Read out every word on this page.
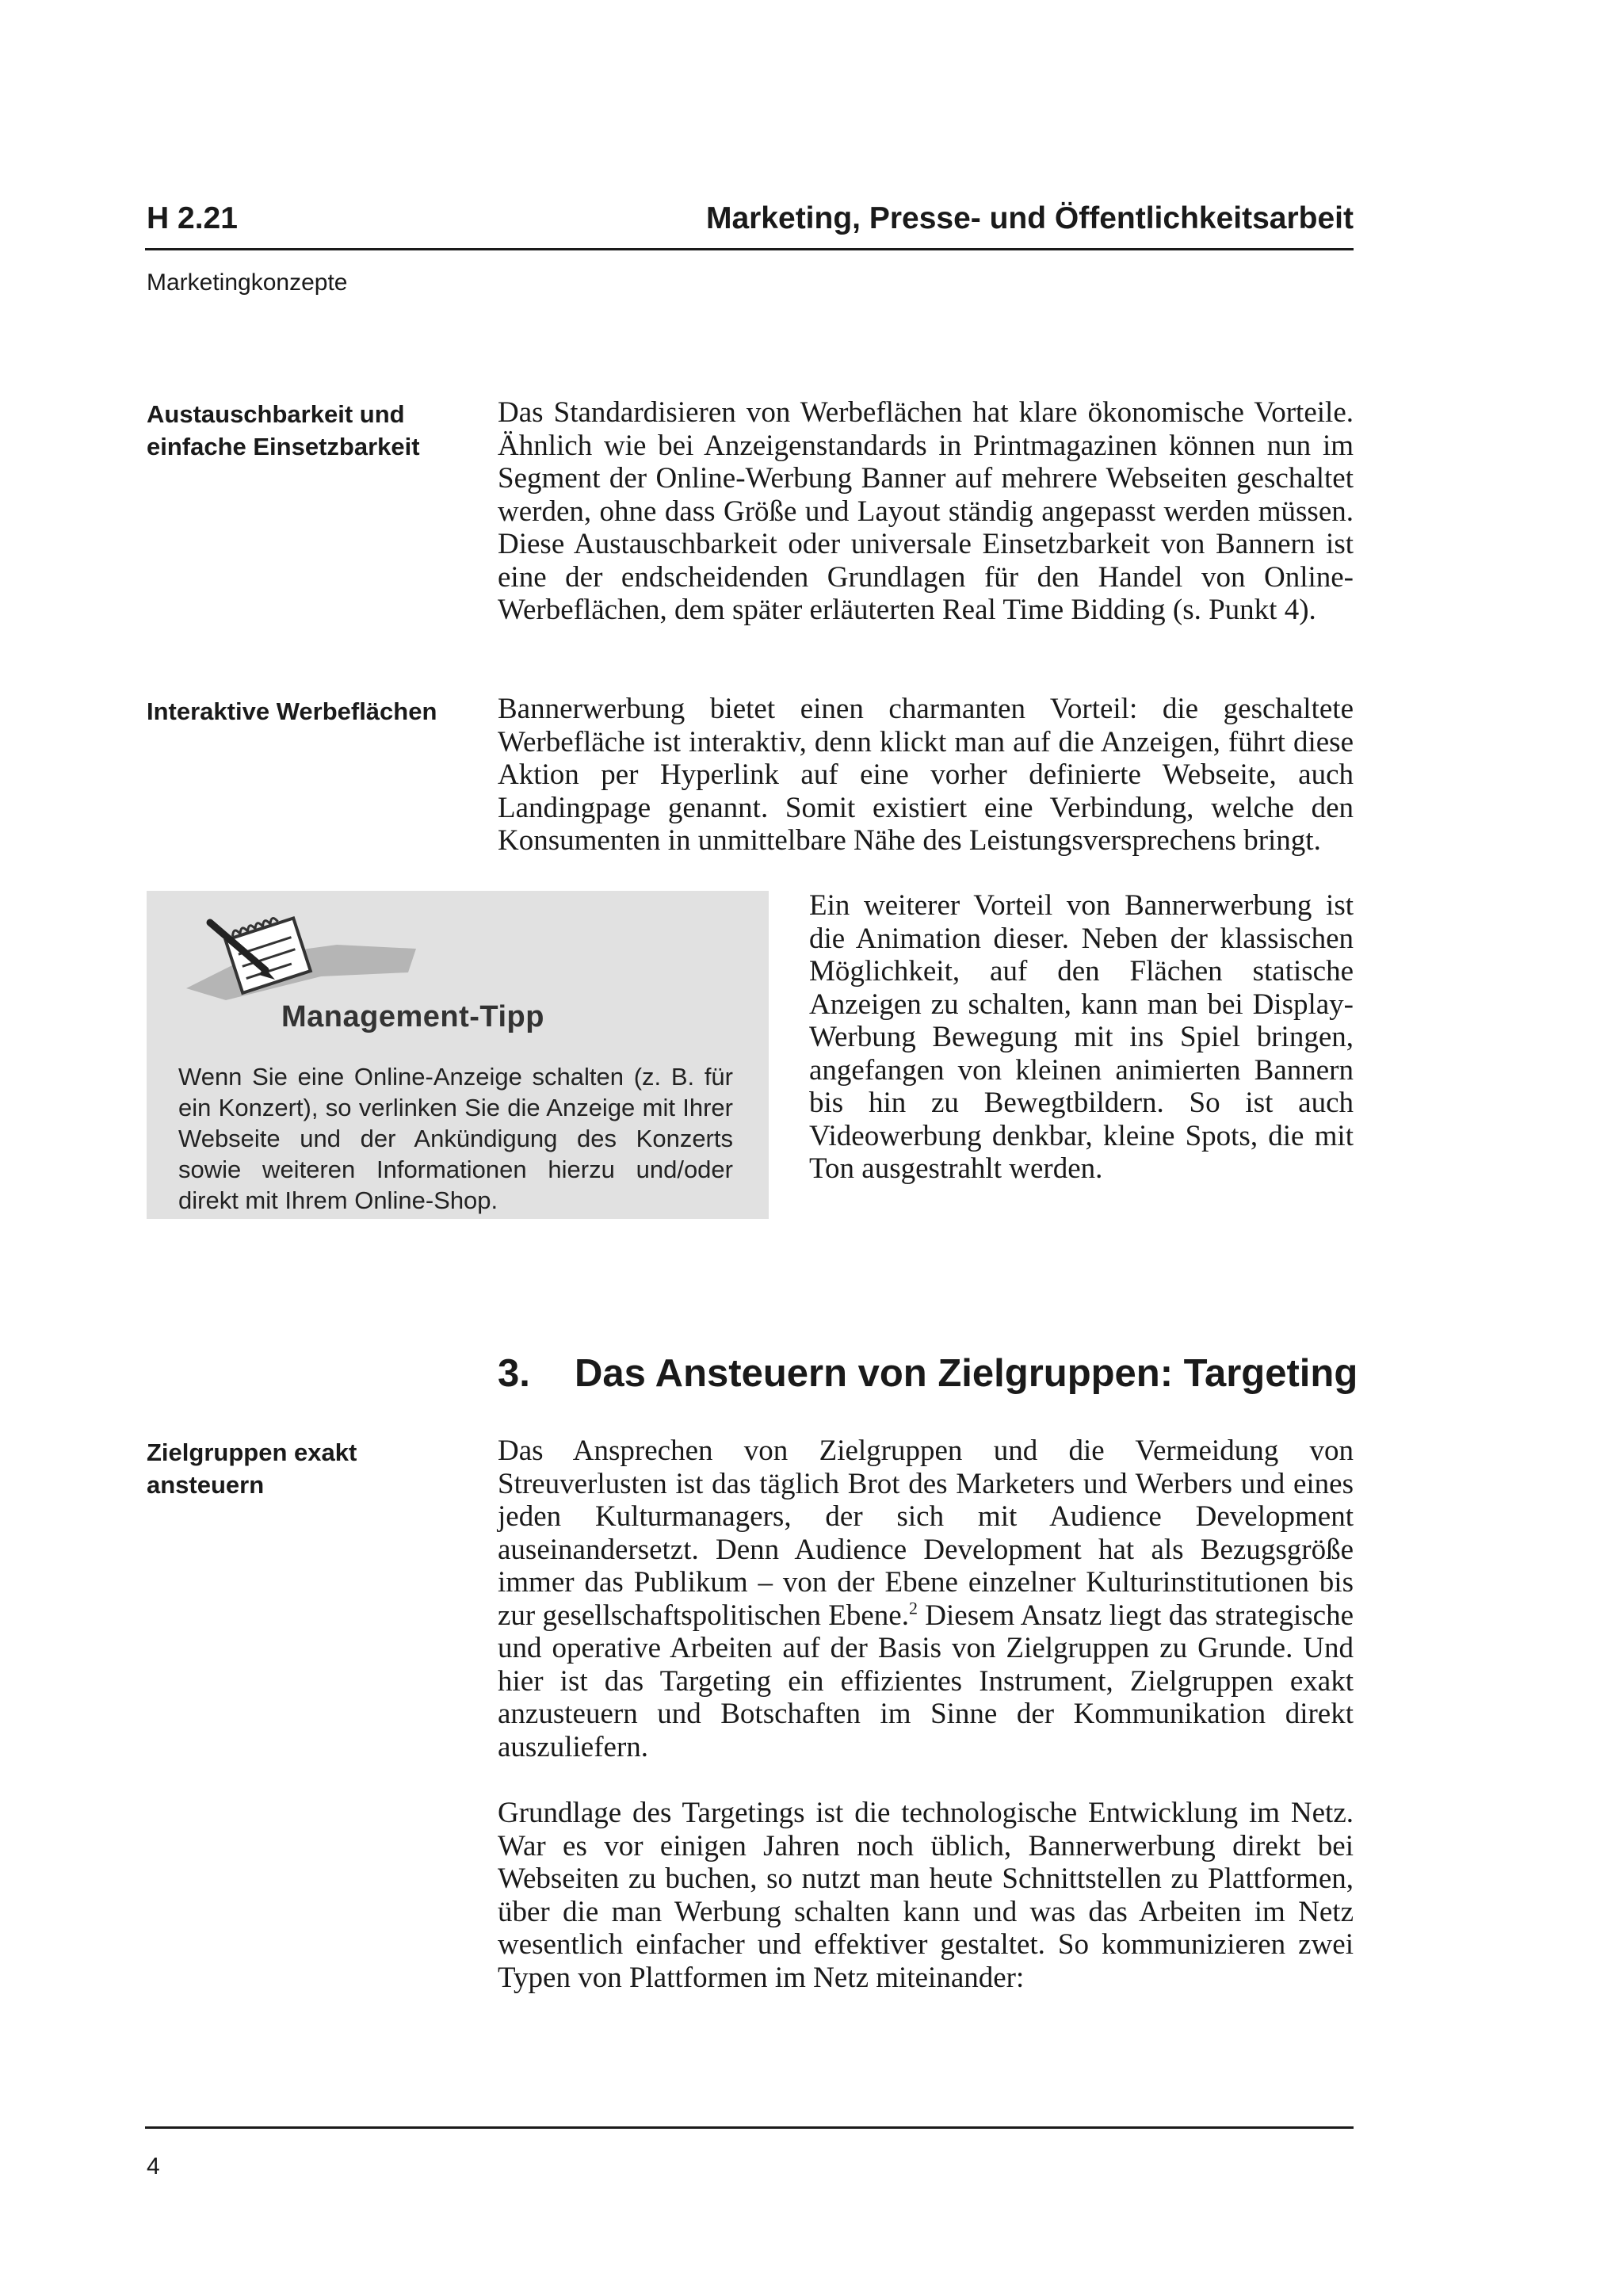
H 2.21	Marketing, Presse- und Öffentlichkeitsarbeit
Marketingkonzepte
Austauschbarkeit und einfache Einsetzbarkeit
Das Standardisieren von Werbeflächen hat klare ökonomische Vorteile. Ähnlich wie bei Anzeigenstandards in Printmagazinen können nun im Segment der Online-Werbung Banner auf mehrere Webseiten geschaltet werden, ohne dass Größe und Layout ständig angepasst werden müssen. Diese Austauschbarkeit oder universale Einsetzbarkeit von Bannern ist eine der endscheidenden Grundlagen für den Handel von Online-Werbeflächen, dem später erläuterten Real Time Bidding (s. Punkt 4).
Interaktive Werbeflächen	Bannerwerbung bietet einen charmanten Vorteil: die geschaltete Werbefläche ist interaktiv, denn klickt man auf die Anzeigen, führt diese Aktion per Hyperlink auf eine vorher definierte Webseite, auch Landingpage genannt. Somit existiert eine Verbindung, welche den Konsumenten in unmittelbare Nähe des Leistungsversprechens bringt.
Management-Tipp
Wenn Sie eine Online-Anzeige schalten (z. B. für ein Konzert), so verlinken Sie die Anzeige mit Ihrer Webseite und der Ankündigung des Konzerts sowie weiteren Informationen hierzu und/oder direkt mit Ihrem Online-Shop.
Ein weiterer Vorteil von Bannerwerbung ist die Animation dieser. Neben der klassischen Möglichkeit, auf den Flächen statische Anzeigen zu schalten, kann man bei Display-Werbung Bewegung mit ins Spiel bringen, angefangen von kleinen animierten Bannern bis hin zu Bewegtbildern. So ist auch Videowerbung denkbar, kleine Spots, die mit Ton ausgestrahlt werden.
3. Das Ansteuern von Zielgruppen: Targeting
Zielgruppen exakt ansteuern
Das Ansprechen von Zielgruppen und die Vermeidung von Streuverlusten ist das täglich Brot des Marketers und Werbers und eines jeden Kulturmanagers, der sich mit Audience Development auseinandersetzt. Denn Audience Development hat als Bezugsgröße immer das Publikum – von der Ebene einzelner Kulturinstitutionen bis zur gesellschaftspolitischen Ebene.$^2$ Diesem Ansatz liegt das strategische und operative Arbeiten auf der Basis von Zielgruppen zu Grunde. Und hier ist das Targeting ein effizientes Instrument, Zielgruppen exakt anzusteuern und Botschaften im Sinne der Kommunikation direkt auszuliefern.
Grundlage des Targetings ist die technologische Entwicklung im Netz. War es vor einigen Jahren noch üblich, Bannerwerbung direkt bei Webseiten zu buchen, so nutzt man heute Schnittstellen zu Plattformen, über die man Werbung schalten kann und was das Arbeiten im Netz wesentlich einfacher und effektiver gestaltet. So kommunizieren zwei Typen von Plattformen im Netz miteinander:
4
